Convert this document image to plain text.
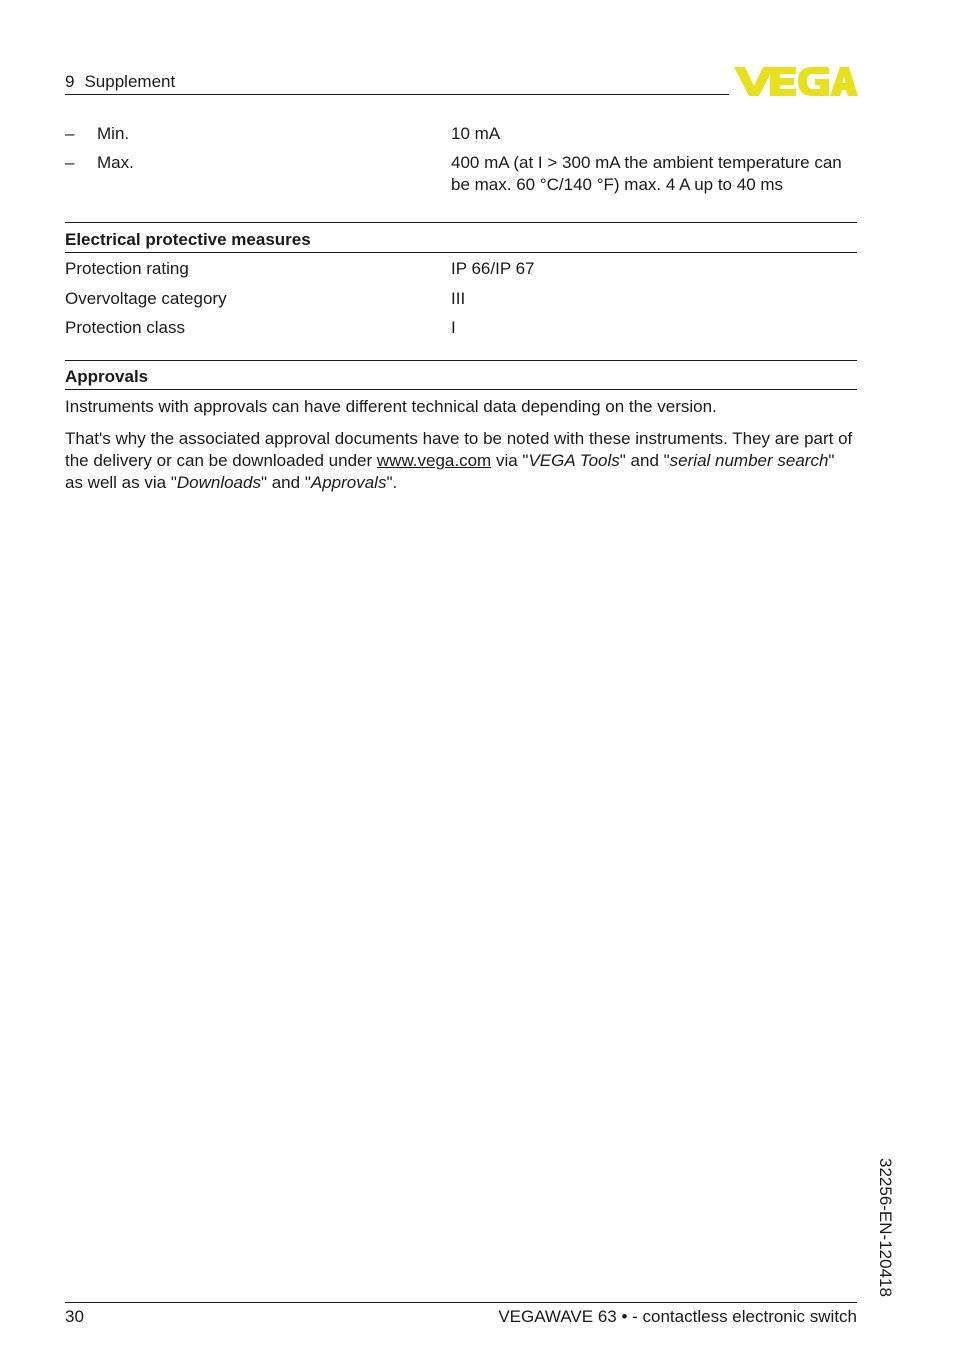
9 Supplement
– Min.	10 mA
– Max.	400 mA (at I > 300 mA the ambient temperature can be max. 60 °C/140 °F) max. 4 A up to 40 ms
Electrical protective measures
Protection rating	IP 66/IP 67
Overvoltage category	III
Protection class	I
Approvals
Instruments with approvals can have different technical data depending on the version.
That's why the associated approval documents have to be noted with these instruments. They are part of the delivery or can be downloaded under www.vega.com via "VEGA Tools" and "serial number search" as well as via "Downloads" and "Approvals".
32256-EN-120418
30	VEGAWAVE 63 • - contactless electronic switch
